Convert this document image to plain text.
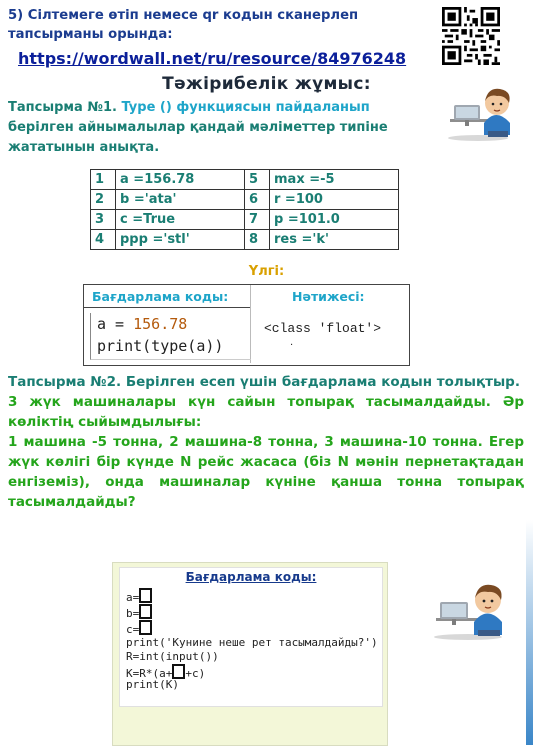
5) Сілтемеге өтіп немесе qr кодын сканерлеп
тапсырманы орында:
https://wordwall.net/ru/resource/84976248
Тәжірибелік жұмыс:
Тапсырма №1. Type () функциясын пайдаланып берілген айнымалылар қандай мәліметтер типіне жататынын анықта.
1	a =156.78	5	max =-5
2	b ='ata'	6	r =100
3	c =True	7	p =101.0
4	ppp ='stl'	8	res ='k'
Үлгі:
Бағдарлама коды:	Нәтижесі:
a = 156.78
print(type(a))
<class 'float'>
.

Тапсырма №2. Берілген есеп үшін бағдарлама кодын толықтыр.

3 жүк машиналары күн сайын топырақ тасымалдайды. Әр көліктің сыйымдылығы:

1 машина -5 тонна, 2 машина-8 тонна, 3 машина-10 тонна. Егер жүк көлігі бір күнде N рейс жасаса (біз N мәнін пернетақтадан енгіземіз), онда машиналар күніне қанша тонна топырақ тасымалдайды?

Бағдарлама коды:
a=
b=
c=
print('Кунине неше рет тасымалдайды?')
R=int(input())
K=R*(a+ +c)
print(K)
